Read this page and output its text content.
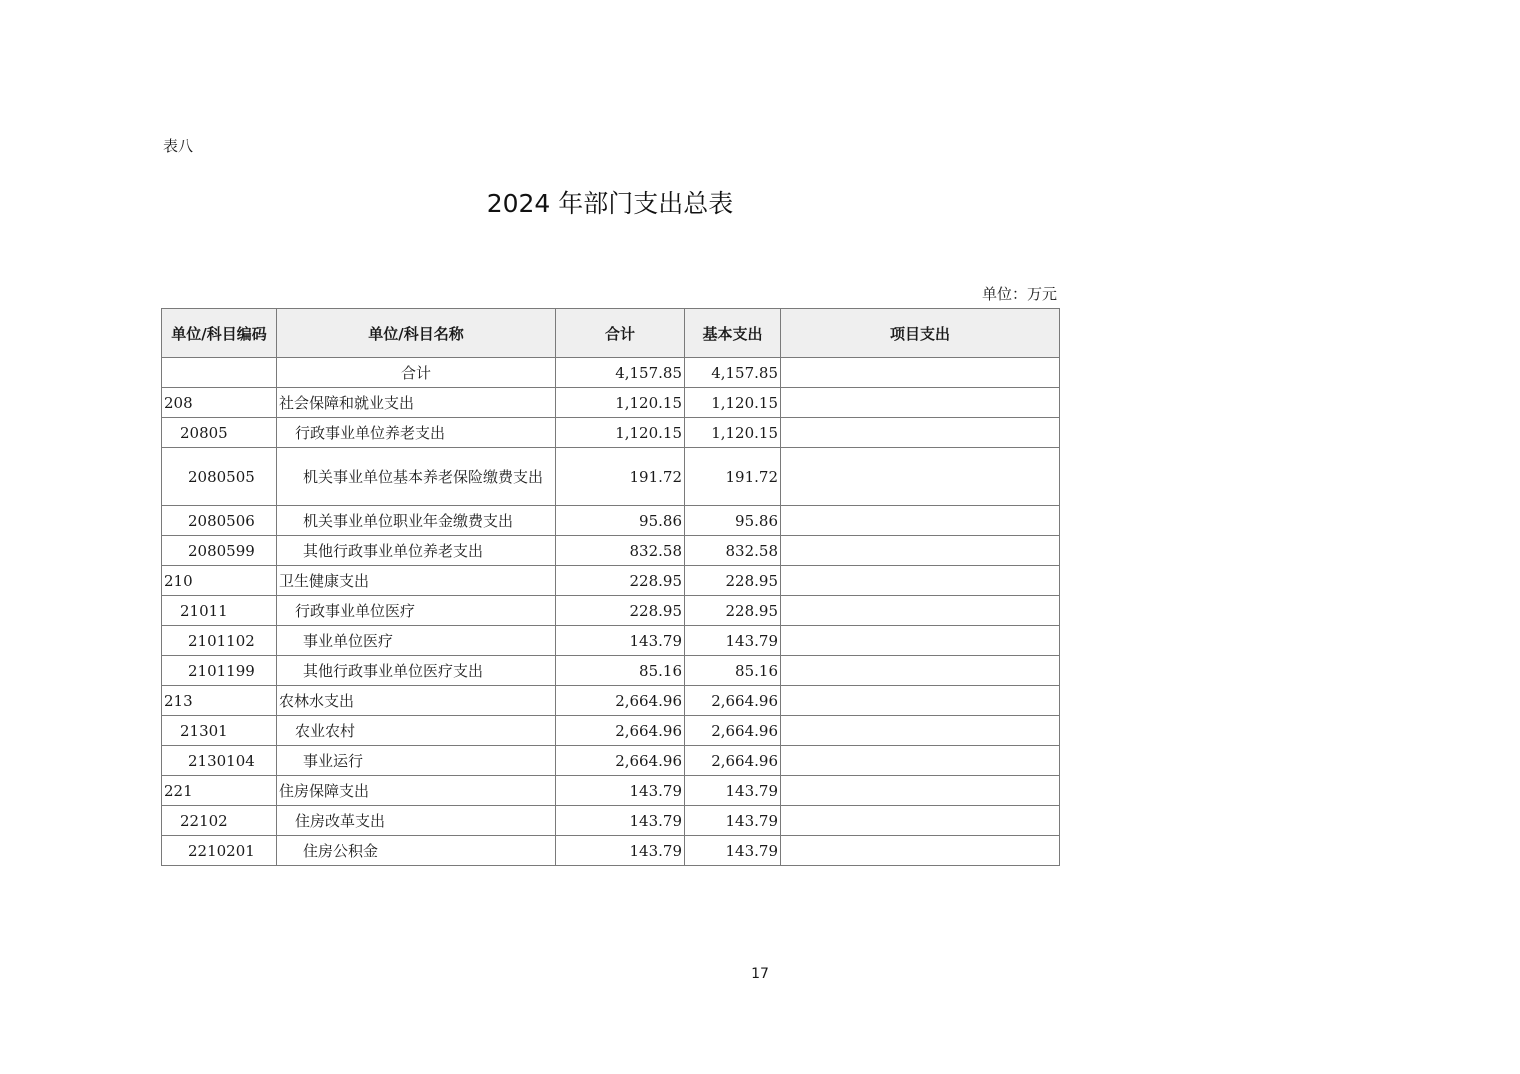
表八
2024 年部门支出总表
单位：万元
单位/科目编码	单位/科目名称	合计	基本支出	项目支出
	合计	4,157.85	4,157.85	
208	社会保障和就业支出	1,120.15	1,120.15	
20805	行政事业单位养老支出	1,120.15	1,120.15	
2080505	机关事业单位基本养老保险缴费支出	191.72	191.72	
2080506	机关事业单位职业年金缴费支出	95.86	95.86	
2080599	其他行政事业单位养老支出	832.58	832.58	
210	卫生健康支出	228.95	228.95	
21011	行政事业单位医疗	228.95	228.95	
2101102	事业单位医疗	143.79	143.79	
2101199	其他行政事业单位医疗支出	85.16	85.16	
213	农林水支出	2,664.96	2,664.96	
21301	农业农村	2,664.96	2,664.96	
2130104	事业运行	2,664.96	2,664.96	
221	住房保障支出	143.79	143.79	
22102	住房改革支出	143.79	143.79	
2210201	住房公积金	143.79	143.79	
17
